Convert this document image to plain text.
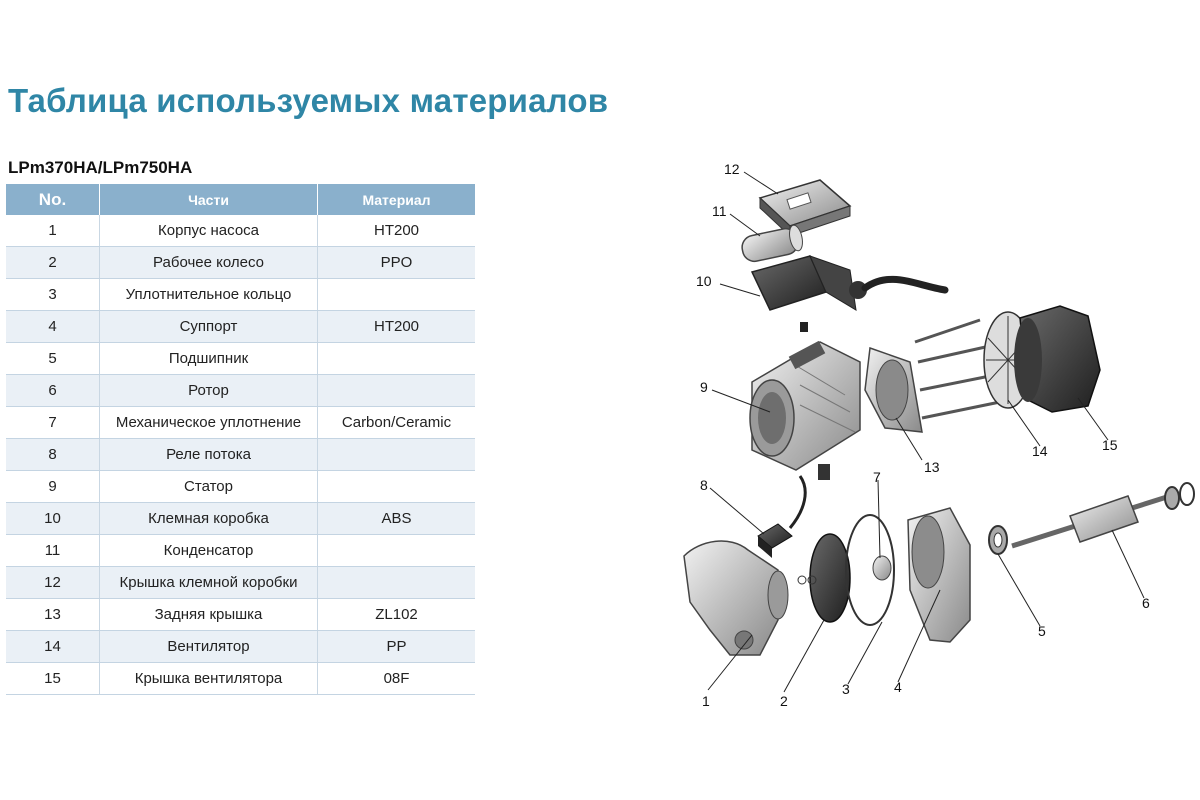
Таблица используемых материалов
LPm370HA/LPm750HA
No.	Части	Материал
1	Корпус насоса	HT200
2	Рабочее колесо	PPO
3	Уплотнительное кольцо	
4	Суппорт	HT200
5	Подшипник	
6	Ротор	
7	Механическое уплотнение	Carbon/Ceramic
8	Реле потока	
9	Статор	
10	Клемная коробка	ABS
11	Конденсатор	
12	Крышка клемной коробки	
13	Задняя крышка	ZL102
14	Вентилятор	PP
15	Крышка вентилятора	08F
12
11
10
9
13
14	15
8	7
1	2
3	4
5
6
